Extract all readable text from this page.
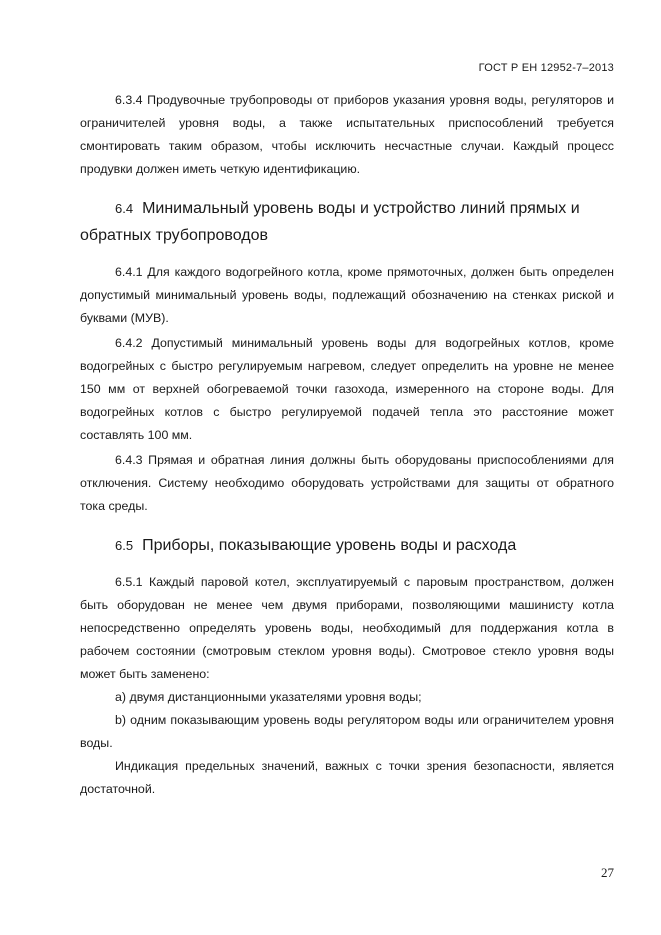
ГОСТ Р ЕН 12952-7–2013

6.3.4 Продувочные трубопроводы от приборов указания уровня воды, регуляторов и ограничителей уровня воды, а также испытательных приспособлений требуется смонтировать таким образом, чтобы исключить несчастные случаи. Каждый процесс продувки должен иметь четкую идентификацию.

6.4 Минимальный уровень воды и устройство линий прямых и обратных трубопроводов

6.4.1 Для каждого водогрейного котла, кроме прямоточных, должен быть определен допустимый минимальный уровень воды, подлежащий обозначению на стенках риской и буквами (МУВ).

6.4.2 Допустимый минимальный уровень воды для водогрейных котлов, кроме водогрейных с быстро регулируемым нагревом, следует определить на уровне не менее 150 мм от верхней обогреваемой точки газохода, измеренного на стороне воды. Для водогрейных котлов с быстро регулируемой подачей тепла это расстояние может составлять 100 мм.

6.4.3 Прямая и обратная линия должны быть оборудованы приспособлениями для отключения. Систему необходимо оборудовать устройствами для защиты от обратного тока среды.

6.5 Приборы, показывающие уровень воды и расхода

6.5.1 Каждый паровой котел, эксплуатируемый с паровым пространством, должен быть оборудован не менее чем двумя приборами, позволяющими машинисту котла непосредственно определять уровень воды, необходимый для поддержания котла в рабочем состоянии (смотровым стеклом уровня воды). Смотровое стекло уровня воды может быть заменено:

а) двумя дистанционными указателями уровня воды;

b) одним показывающим уровень воды регулятором воды или ограничителем уровня воды.

Индикация предельных значений, важных с точки зрения безопасности, является достаточной.

27
